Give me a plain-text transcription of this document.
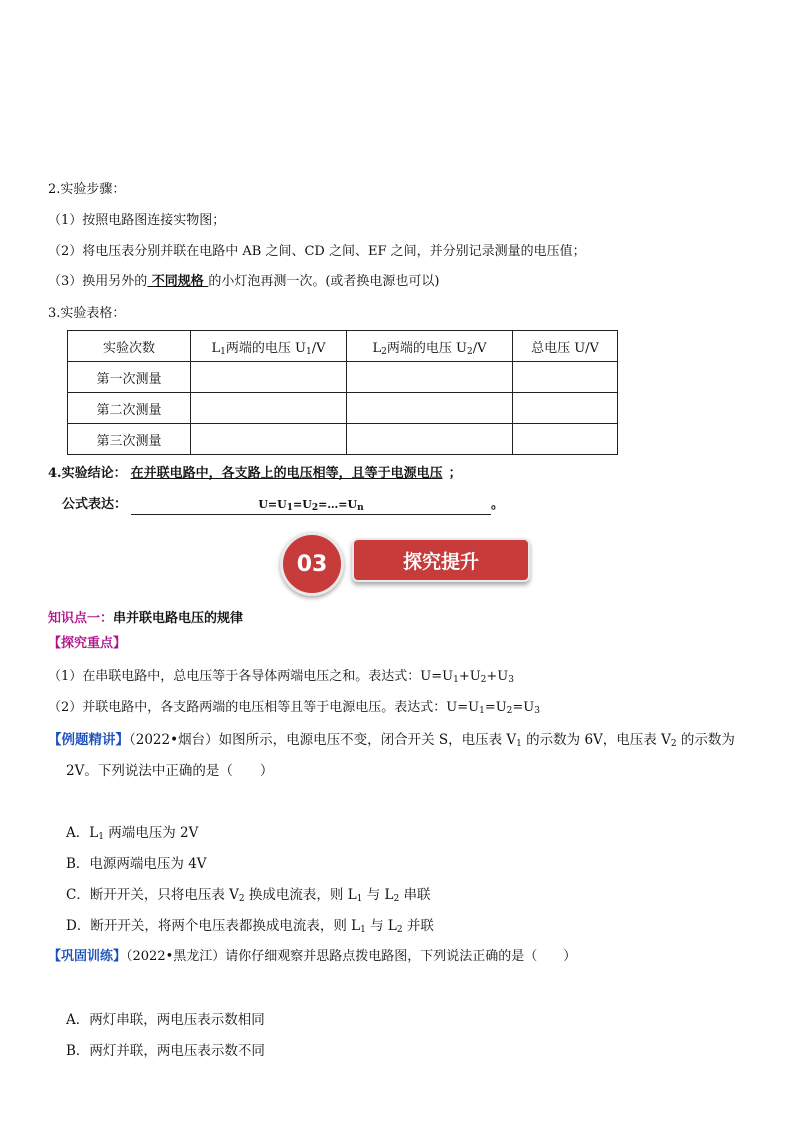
2.实验步骤：
（1）按照电路图连接实物图；
（2）将电压表分别并联在电路中 AB 之间、CD 之间、EF 之间，并分别记录测量的电压值；
（3）换用另外的 不同规格 的小灯泡再测一次。(或者换电源也可以)
3.实验表格：
实验次数	$L_1$两端的电压 $U_1/V$	$L_2$两端的电压 $U_2/V$	总电压 U/V
第一次测量			
第二次测量			
第三次测量			
4.实验结论： 在并联电路中，各支路上的电压相等，且等于电源电压 ；
公式表达：	$U=U_1=U_2=\dots=U_n$	。
03	探究提升
知识点一：串并联电路电压的规律
【探究重点】
（1）在串联电路中，总电压等于各导体两端电压之和。表达式：$U=U_1+U_2+U_3$
（2）并联电路中，各支路两端的电压相等且等于电源电压。表达式：$U=U_1=U_2=U_3$
【例题精讲】（2022•烟台）如图所示，电源电压不变，闭合开关 S，电压表 $V_1$ 的示数为 6V，电压表 $V_2$ 的示数为
2V。下列说法中正确的是（　　）
A．$L_1$ 两端电压为 2V
B．电源两端电压为 4V
C．断开开关，只将电压表 $V_2$ 换成电流表，则 $L_1$ 与 $L_2$ 串联
D．断开开关，将两个电压表都换成电流表，则 $L_1$ 与 $L_2$ 并联
【巩固训练】（2022•黑龙江）请你仔细观察并思路点拨电路图，下列说法正确的是（　　）
A．两灯串联，两电压表示数相同
B．两灯并联，两电压表示数不同
